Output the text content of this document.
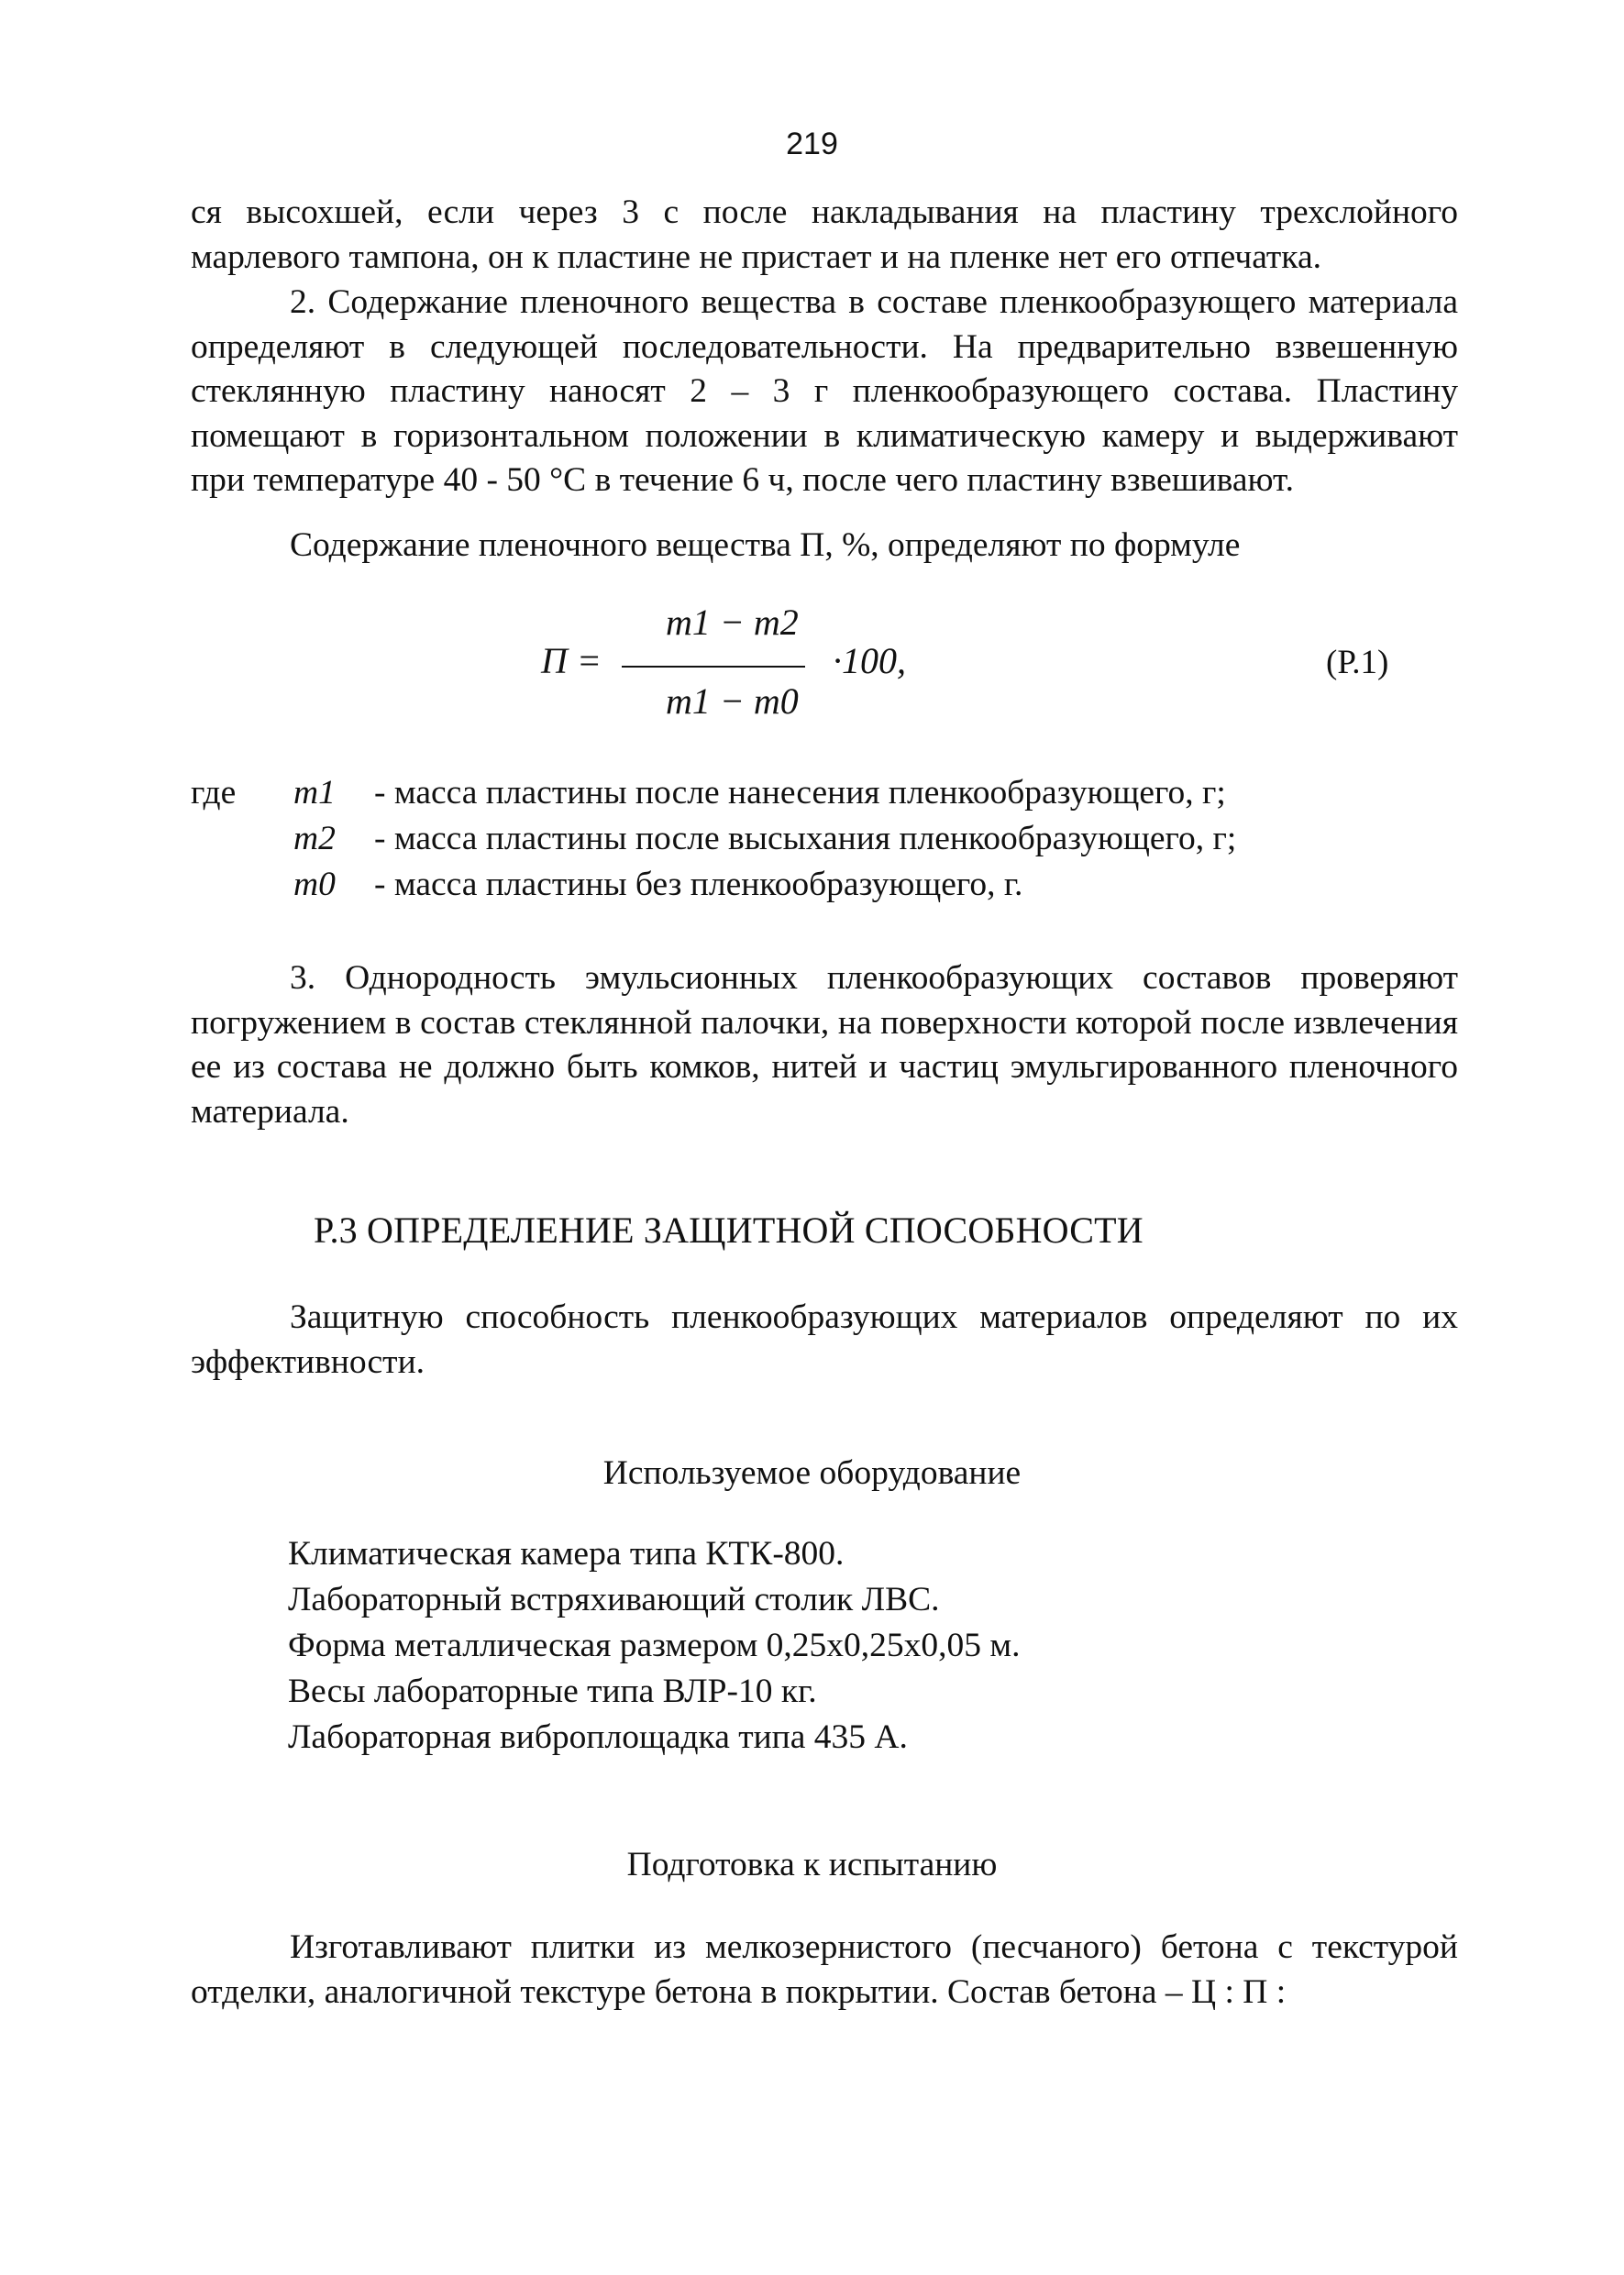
219

ся высохшей, если через 3 с после накладывания на пластину трехслойного марлевого тампона, он к пластине не пристает и на пленке нет его отпечатка.

2. Содержание пленочного вещества в составе пленкообразующего материала определяют в следующей последовательности. На предварительно взвешенную стеклянную пластину наносят 2 – 3 г пленкообразующего состава. Пластину помещают в горизонтальном положении в климатическую камеру и выдерживают при температуре 40 - 50 °С в течение 6 ч, после чего пластину взвешивают.

Содержание пленочного вещества П, %, определяют по формуле

П =
m1 − m2
m1 − m0
·100,	(Р.1)
где m1 - масса пластины после нанесения пленкообразующего, г;
m2 - масса пластины после высыхания пленкообразующего, г;
m0 - масса пластины без пленкообразующего, г.

3. Однородность эмульсионных пленкообразующих составов проверяют погружением в состав стеклянной палочки, на поверхности которой после извлечения ее из состава не должно быть комков, нитей и частиц эмульгированного пленочного материала.

Р.3 ОПРЕДЕЛЕНИЕ ЗАЩИТНОЙ СПОСОБНОСТИ

Защитную способность пленкообразующих материалов определяют по их эффективности.

Используемое оборудование
Климатическая камера типа КТК-800.
Лабораторный встряхивающий столик ЛВС.
Форма металлическая размером 0,25х0,25х0,05 м.
Весы лабораторные типа ВЛР-10 кг.
Лабораторная виброплощадка типа 435 А.
Подготовка к испытанию

Изготавливают плитки из мелкозернистого (песчаного) бетона с текстурой отделки, аналогичной текстуре бетона в покрытии. Состав бетона – Ц : П :
